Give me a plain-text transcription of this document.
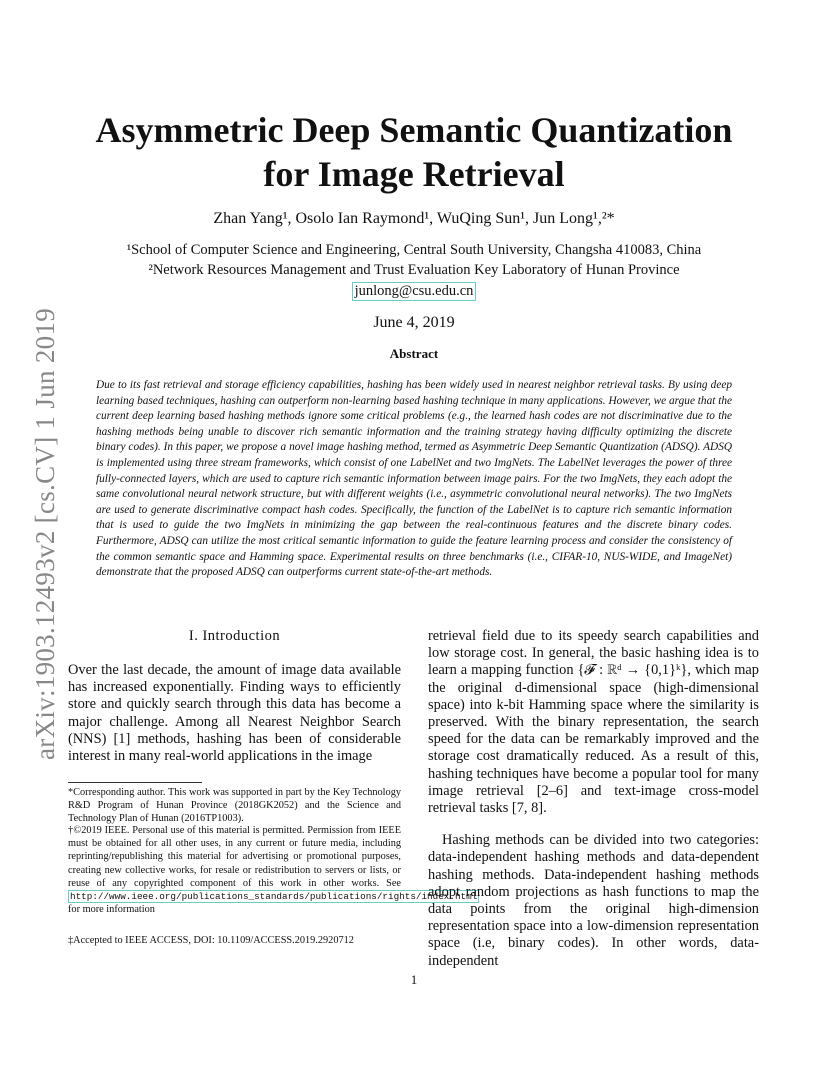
arXiv:1903.12493v2 [cs.CV] 1 Jun 2019
Asymmetric Deep Semantic Quantization
for Image Retrieval
Zhan Yang¹, Osolo Ian Raymond¹, WuQing Sun¹, Jun Long¹,²*
¹School of Computer Science and Engineering, Central South University, Changsha 410083, China
²Network Resources Management and Trust Evaluation Key Laboratory of Hunan Province
junlong@csu.edu.cn
June 4, 2019
Abstract
Due to its fast retrieval and storage efficiency capabilities, hashing has been widely used in nearest neighbor retrieval tasks. By using deep learning based techniques, hashing can outperform non-learning based hashing technique in many applications. However, we argue that the current deep learning based hashing methods ignore some critical problems (e.g., the learned hash codes are not discriminative due to the hashing methods being unable to discover rich semantic information and the training strategy having difficulty optimizing the discrete binary codes). In this paper, we propose a novel image hashing method, termed as Asymmetric Deep Semantic Quantization (ADSQ). ADSQ is implemented using three stream frameworks, which consist of one LabelNet and two ImgNets. The LabelNet leverages the power of three fully-connected layers, which are used to capture rich semantic information between image pairs. For the two ImgNets, they each adopt the same convolutional neural network structure, but with different weights (i.e., asymmetric convolutional neural networks). The two ImgNets are used to generate discriminative compact hash codes. Specifically, the function of the LabelNet is to capture rich semantic information that is used to guide the two ImgNets in minimizing the gap between the real-continuous features and the discrete binary codes. Furthermore, ADSQ can utilize the most critical semantic information to guide the feature learning process and consider the consistency of the common semantic space and Hamming space. Experimental results on three benchmarks (i.e., CIFAR-10, NUS-WIDE, and ImageNet) demonstrate that the proposed ADSQ can outperforms current state-of-the-art methods.
I. Introduction

Over the last decade, the amount of image data available has increased exponentially. Finding ways to efficiently store and quickly search through this data has become a major challenge. Among all Nearest Neighbor Search (NNS) [1] methods, hashing has been of considerable interest in many real-world applications in the image

*Corresponding author. This work was supported in part by the Key Technology R&D Program of Hunan Province (2018GK2052) and the Science and Technology Plan of Hunan (2016TP1003).
†©2019 IEEE. Personal use of this material is permitted. Permission from IEEE must be obtained for all other uses, in any current or future media, including reprinting/republishing this material for advertising or promotional purposes, creating new collective works, for resale or redistribution to servers or lists, or reuse of any copyrighted component of this work in other works. See http://www.ieee.org/publications_standards/publications/rights/index.html for more information
‡Accepted to IEEE ACCESS, DOI: 10.1109/ACCESS.2019.2920712

retrieval field due to its speedy search capabilities and low storage cost. In general, the basic hashing idea is to learn a mapping function {𝓕 : ℝᵈ → {0,1}ᵏ}, which map the original d-dimensional space (high-dimensional space) into k-bit Hamming space where the similarity is preserved. With the binary representation, the search speed for the data can be remarkably improved and the storage cost dramatically reduced. As a result of this, hashing techniques have become a popular tool for many image retrieval [2–6] and text-image cross-model retrieval tasks [7, 8].

Hashing methods can be divided into two categories: data-independent hashing methods and data-dependent hashing methods. Data-independent hashing methods adopt random projections as hash functions to map the data points from the original high-dimension representation space into a low-dimension representation space (i.e, binary codes). In other words, data-independent

1
